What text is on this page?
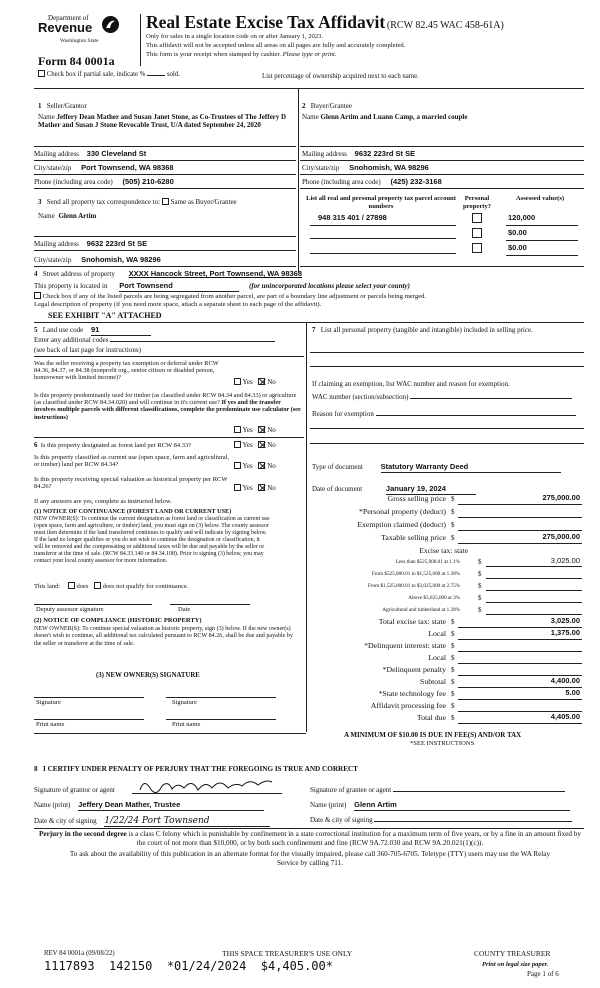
Department of
Revenue
Washington State
Real Estate Excise Tax Affidavit (RCW 82.45 WAC 458-61A)
Only for sales in a single location code on or after January 1, 2023.
This affidavit will not be accepted unless all areas on all pages are fully and accurately completed.
This form is your receipt when stamped by cashier. Please type or print.
Form 84 0001a
Check box if partial sale, indicate %	sold.	List percentage of ownership acquired next to each name.
1 Seller/Grantor
Name Jeffery Dean Mather and Susan Janet Stone, as Co-Trustees of The Jeffery D Mather and Susan J Stone Revocable Trust, U/A dated September 24, 2020
Mailing address 330 Cleveland St
City/state/zip Port Townsend, WA 98368
Phone (including area code) (505) 210-6280
2 Buyer/Grantee
Name Glenn Artim and Luann Camp, a married couple
Mailing address 9632 223rd St SE
City/state/zip Snohomish, WA 98296
Phone (including area code) (425) 232-3168
3 Send all property tax correspondence to: Same as Buyer/Grantee
Name Glenn Artim
Mailing address 9632 223rd St SE
City/state/zip Snohomish, WA 98296
List all real and personal property tax parcel account numbers
Personal property?
Assessed value(s)
948 315 401 / 27898	120,000
$0.00
$0.00
4 Street address of property XXXX Hancock Street, Port Townsend, WA 98368
This property is located in Port Townsend	(for unincorporated locations please select your county)
Check box if any of the listed parcels are being segregated from another parcel, are part of a boundary line adjustment or parcels being merged.
Legal description of property (if you need more space, attach a separate sheet to each page of the affidavit).
SEE EXHIBIT "A" ATTACHED
5 Land use code 91
Enter any additional codes
(see back of last page for instructions)
Was the seller receiving a property tax exemption or deferral under RCW 84.36, 84.37, or 84.38 (nonprofit org., senior citizen or disabled person, homeowner with limited income)?
Yes No
Is this property predominantly used for timber (as classified under RCW 84.34 and 84.33) or agriculture (as classified under RCW 84.34.020) and will continue in it's current use? If yes and the transfer involves multiple parcels with different classifications, complete the predominate use calculator (see instructions)
Yes No
6 Is this property designated as forest land per RCW 84.33?	Yes No
Is this property classified as current use (open space, farm and agricultural, or timber) land per RCW 84.34?	Yes No
Is this property receiving special valuation as historical property per RCW 84.26?	Yes No
If any answers are yes, complete as instructed below.
(1) NOTICE OF CONTINUANCE (FOREST LAND OR CURRENT USE)
NEW OWNER(S): To continue the current designation as forest land or classification as current use (open space, farm and agriculture, or timber) land, you must sign on (3) below. The county assessor must then determine if the land transferred continues to qualify and will indicate by signing below. If the land no longer qualifies or you do not wish to continue the designation or classification, it will be removed and the compensating or additional taxes will be due and payable by the seller or transferor at the time of sale. (RCW 84.33.140 or 84.34.108). Prior to signing (3) below, you may contact your local county assessor for more information.
This land:	does does not qualify for continuance.
Deputy assessor signature	Date
(2) NOTICE OF COMPLIANCE (HISTORIC PROPERTY)
NEW OWNER(S): To continue special valuation as historic property, sign (3) below. If the new owner(s) doesn't wish to continue, all additional tax calculated pursuant to RCW 84.26, shall be due and payable by the seller or transferor at the time of sale.
(3) NEW OWNER(S) SIGNATURE
Signature	Signature
Print name	Print name
7 List all personal property (tangible and intangible) included in selling price.
If claiming an exemption, list WAC number and reason for exemption.
WAC number (section/subsection)
Reason for exemption
Type of document Statutory Warranty Deed
Date of document	January 19, 2024
Gross selling price $	275,000.00
*Personal property (deduct) $
Exemption claimed (deduct) $
Taxable selling price $	275,000.00
Excise tax: state
Less than $525,000.01 at 1.1%	$	3,025.00
From $525,000.01 to $1,525,000 at 1.28%	$
From $1,525,000.01 to $3,025,000 at 2.75%	$
Above $3,025,000 at 3%	$
Agricultural and timberland at 1.28%	$
Total excise tax: state $	3,025.00
Local $	1,375.00
*Delinquent interest: state $
Local $
*Delinquent penalty $
Subtotal $	4,400.00
*State technology fee $	5.00
Affidavit processing fee $
Total due $	4,405.00
A MINIMUM OF $10.00 IS DUE IN FEE(S) AND/OR TAX
*SEE INSTRUCTIONS
8 I CERTIFY UNDER PENALTY OF PERJURY THAT THE FOREGOING IS TRUE AND CORRECT
Signature of grantor or agent
Name (print) Jeffery Dean Mather, Trustee
Date & city of signing 1/22/24 Port Townsend
Signature of grantee or agent
Name (print) Glenn Artim
Date & city of signing
Perjury in the second degree is a class C felony which is punishable by confinement in a state correctional institution for a maximum term of five years, or by a fine in an amount fixed by the court of not more than $10,000, or by both such confinement and fine (RCW 9A.72.030 and RCW 9A.20.021(1)(c)).
To ask about the availability of this publication in an alternate format for the visually impaired, please call 360-705-6705. Teletype (TTY) users may use the WA Relay Service by calling 711.
REV 84 0001a (09/08/22)	THIS SPACE TREASURER'S USE ONLY	COUNTY TREASURER
1117893  142150  *01/24/2024  $4,405.00*	Print on legal size paper.
Page 1 of 6
